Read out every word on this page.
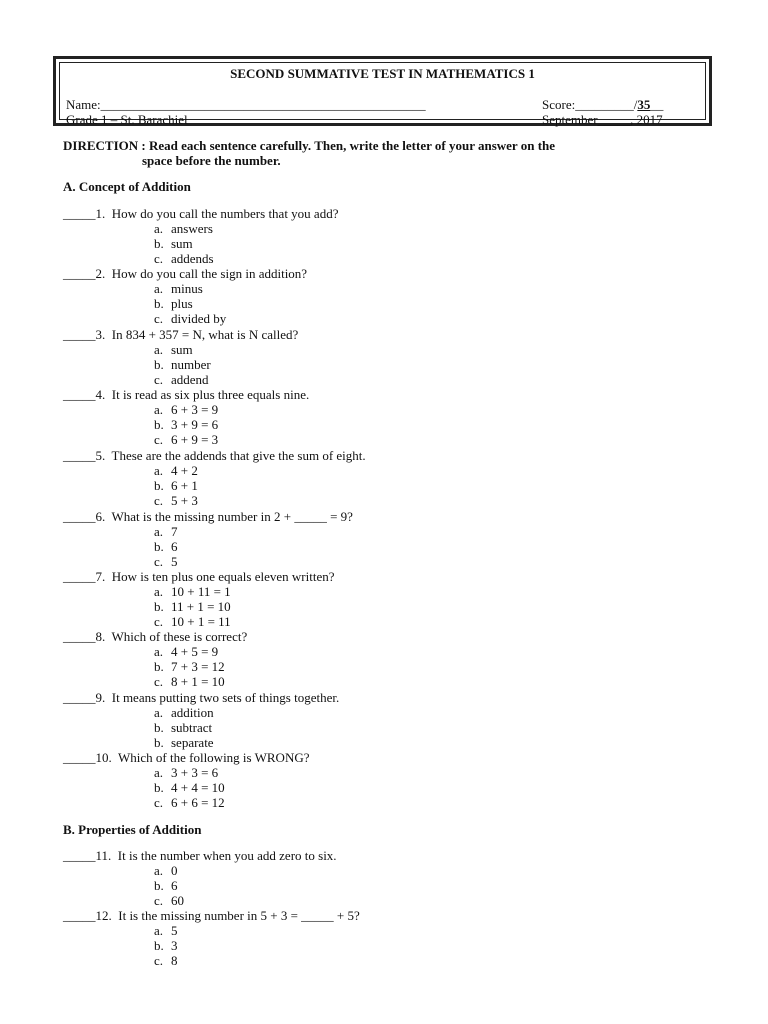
SECOND SUMMATIVE TEST IN MATHEMATICS 1
Name:__________________________________________________
Grade 1 – St. Barachiel
Score:_________/35__
September_____, 2017
DIRECTION : Read each sentence carefully. Then, write the letter of your answer on the
space before the number.
A. Concept of Addition
B. Properties of Addition
_____1.  How do you call the numbers that you add?
a. answers
b. sum
c. addends
_____2.  How do you call the sign in addition?
a. minus
b. plus
c. divided by
_____3.  In 834 + 357 = N, what is N called?
a. sum
b. number
c. addend
_____4.  It is read as six plus three equals nine.
a. 6 + 3 = 9
b. 3 + 9 = 6
c. 6 + 9 = 3
_____5.  These are the addends that give the sum of eight.
a. 4 + 2
b. 6 + 1
c. 5 + 3
_____6.  What is the missing number in 2 + _____ = 9?
a. 7
b. 6
c. 5
_____7.  How is ten plus one equals eleven written?
a. 10 + 11 = 1
b. 11 + 1 = 10
c. 10 + 1 = 11
_____8.  Which of these is correct?
a. 4 + 5 = 9
b. 7 + 3 = 12
c. 8 + 1 = 10
_____9.  It means putting two sets of things together.
a. addition
b. subtract
b. separate
_____10.  Which of the following is WRONG?
a. 3 + 3 = 6
b. 4 + 4 = 10
c. 6 + 6 = 12
_____11.  It is the number when you add zero to six.
a. 0
b. 6
c. 60
_____12.  It is the missing number in 5 + 3 = _____ + 5?
a. 5
b. 3
c. 8
